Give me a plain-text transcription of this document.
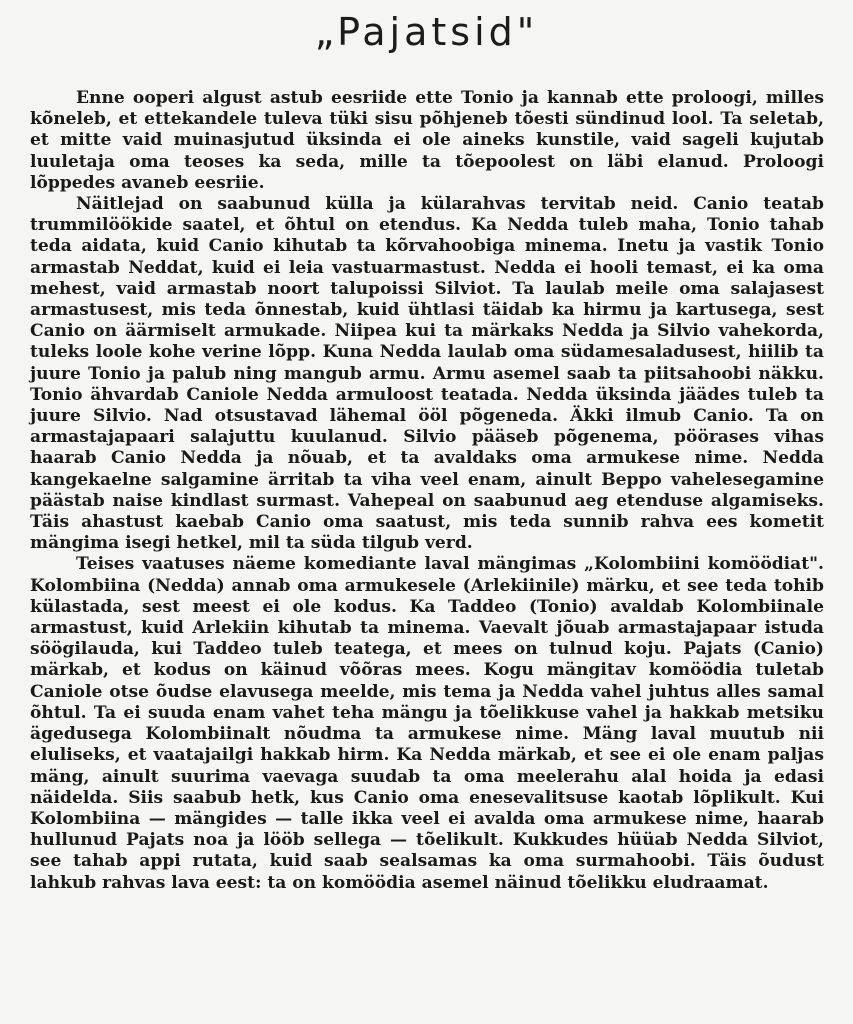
„Pajatsid"

Enne ooperi algust astub eesriide ette Tonio ja kannab ette proloogi, milles kõneleb, et ettekandele tuleva tüki sisu põhjeneb tõesti sündinud lool. Ta seletab, et mitte vaid muinasjutud üksinda ei ole aineks kunstile, vaid sageli kujutab luuletaja oma teoses ka seda, mille ta tõepoolest on läbi elanud. Proloogi lõppedes avaneb eesriie.

Näitlejad on saabunud külla ja külarahvas tervitab neid. Canio teatab trummilöökide saatel, et õhtul on etendus. Ka Nedda tuleb maha, Tonio tahab teda aidata, kuid Canio kihutab ta kõrvahoobiga minema. Inetu ja vastik Tonio armastab Neddat, kuid ei leia vastuarmastust. Nedda ei hooli temast, ei ka oma mehest, vaid armastab noort talupoissi Silviot. Ta laulab meile oma salajasest armastusest, mis teda õnnestab, kuid ühtlasi täidab ka hirmu ja kartusega, sest Canio on äärmiselt armukade. Niipea kui ta märkaks Nedda ja Silvio vahekorda, tuleks loole kohe verine lõpp. Kuna Nedda laulab oma südamesaladusest, hiilib ta juure Tonio ja palub ning mangub armu. Armu asemel saab ta piitsahoobi näkku. Tonio ähvardab Caniole Nedda armuloost teatada. Nedda üksinda jäädes tuleb ta juure Silvio. Nad otsustavad lähemal ööl põgeneda. Äkki ilmub Canio. Ta on armastajapaari salajuttu kuulanud. Silvio pääseb põgenema, pöörases vihas haarab Canio Nedda ja nõuab, et ta avaldaks oma armukese nime. Nedda kangekaelne salgamine ärritab ta viha veel enam, ainult Beppo vahelesegamine päästab naise kindlast surmast. Vahepeal on saabunud aeg etenduse algamiseks. Täis ahastust kaebab Canio oma saatust, mis teda sunnib rahva ees kometit mängima isegi hetkel, mil ta süda tilgub verd.

Teises vaatuses näeme komediante laval mängimas „Kolombiini komöödiat". Kolombiina (Nedda) annab oma armukesele (Arlekiinile) märku, et see teda tohib külastada, sest meest ei ole kodus. Ka Taddeo (Tonio) avaldab Kolombiinale armastust, kuid Arlekiin kihutab ta minema. Vaevalt jõuab armastajapaar istuda söögilauda, kui Taddeo tuleb teatega, et mees on tulnud koju. Pajats (Canio) märkab, et kodus on käinud võõras mees. Kogu mängitav komöödia tuletab Caniole otse õudse elavusega meelde, mis tema ja Nedda vahel juhtus alles samal õhtul. Ta ei suuda enam vahet teha mängu ja tõelikkuse vahel ja hakkab metsiku ägedusega Kolombiinalt nõudma ta armukese nime. Mäng laval muutub nii eluliseks, et vaatajailgi hakkab hirm. Ka Nedda märkab, et see ei ole enam paljas mäng, ainult suurima vaevaga suudab ta oma meelerahu alal hoida ja edasi näidelda. Siis saabub hetk, kus Canio oma enesevalitsuse kaotab lõplikult. Kui Kolombiina — mängides — talle ikka veel ei avalda oma armukese nime, haarab hullunud Pajats noa ja lööb sellega — tõelikult. Kukkudes hüüab Nedda Silviot, see tahab appi rutata, kuid saab sealsamas ka oma surmahoobi. Täis õudust lahkub rahvas lava eest: ta on komöödia asemel näinud tõelikku eludraamat.
